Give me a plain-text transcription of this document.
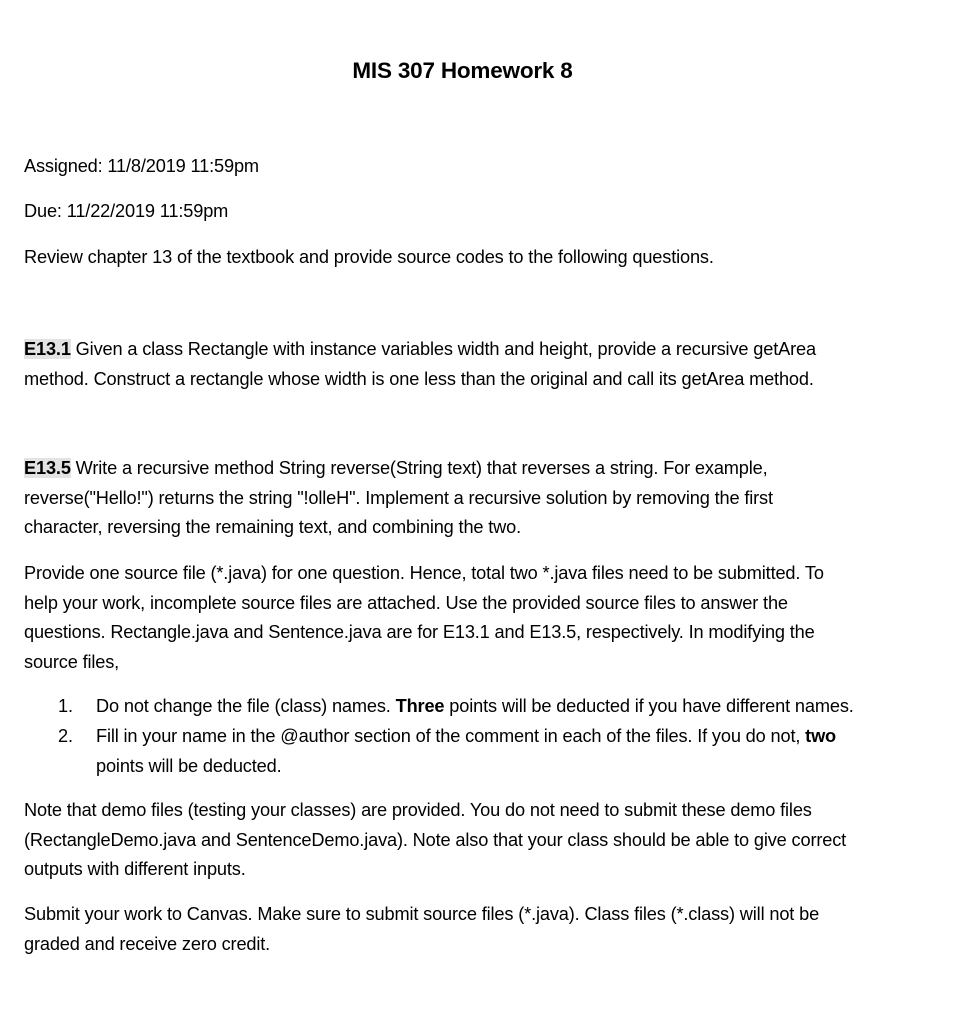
MIS 307 Homework 8
Assigned: 11/8/2019 11:59pm
Due: 11/22/2019 11:59pm
Review chapter 13 of the textbook and provide source codes to the following questions.
E13.1 Given a class Rectangle with instance variables width and height, provide a recursive getArea
method. Construct a rectangle whose width is one less than the original and call its getArea method.
E13.5 Write a recursive method String reverse(String text) that reverses a string. For example,
reverse("Hello!") returns the string "!olleH". Implement a recursive solution by removing the first
character, reversing the remaining text, and combining the two.
Provide one source file (*.java) for one question. Hence, total two *.java files need to be submitted. To
help your work, incomplete source files are attached. Use the provided source files to answer the
questions. Rectangle.java and Sentence.java are for E13.1 and E13.5, respectively. In modifying the
source files,
1. Do not change the file (class) names. Three points will be deducted if you have different names.
2. Fill in your name in the @author section of the comment in each of the files. If you do not, two
points will be deducted.
Note that demo files (testing your classes) are provided. You do not need to submit these demo files
(RectangleDemo.java and SentenceDemo.java). Note also that your class should be able to give correct
outputs with different inputs.
Submit your work to Canvas. Make sure to submit source files (*.java). Class files (*.class) will not be
graded and receive zero credit.
